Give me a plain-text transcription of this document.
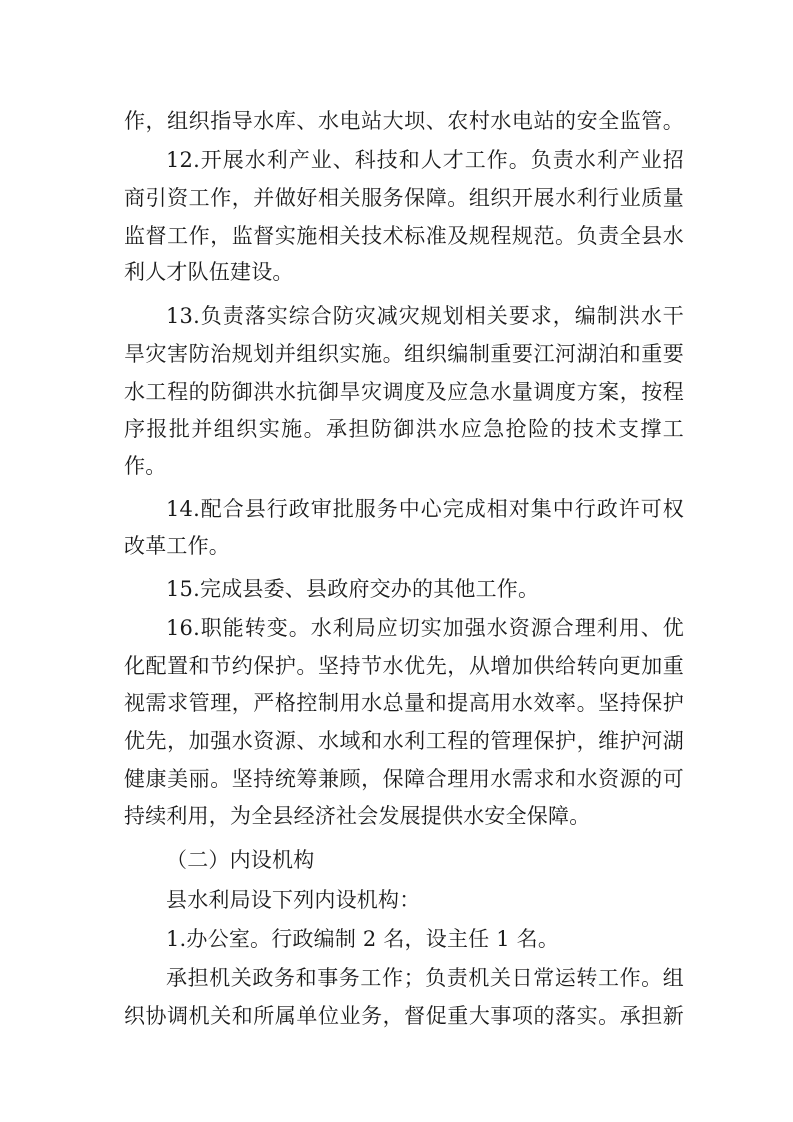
作，组织指导水库、水电站大坝、农村水电站的安全监管。
12.开展水利产业、科技和人才工作。负责水利产业招
商引资工作，并做好相关服务保障。组织开展水利行业质量
监督工作，监督实施相关技术标准及规程规范。负责全县水
利人才队伍建设。
13.负责落实综合防灾减灾规划相关要求，编制洪水干
旱灾害防治规划并组织实施。组织编制重要江河湖泊和重要
水工程的防御洪水抗御旱灾调度及应急水量调度方案，按程
序报批并组织实施。承担防御洪水应急抢险的技术支撑工
作。
14.配合县行政审批服务中心完成相对集中行政许可权
改革工作。
15.完成县委、县政府交办的其他工作。
16.职能转变。水利局应切实加强水资源合理利用、优
化配置和节约保护。坚持节水优先，从增加供给转向更加重
视需求管理，严格控制用水总量和提高用水效率。坚持保护
优先，加强水资源、水域和水利工程的管理保护，维护河湖
健康美丽。坚持统筹兼顾，保障合理用水需求和水资源的可
持续利用，为全县经济社会发展提供水安全保障。
（二）内设机构
县水利局设下列内设机构：
1.办公室。行政编制 2 名，设主任 1 名。
承担机关政务和事务工作；负责机关日常运转工作。组
织协调机关和所属单位业务，督促重大事项的落实。承担新
